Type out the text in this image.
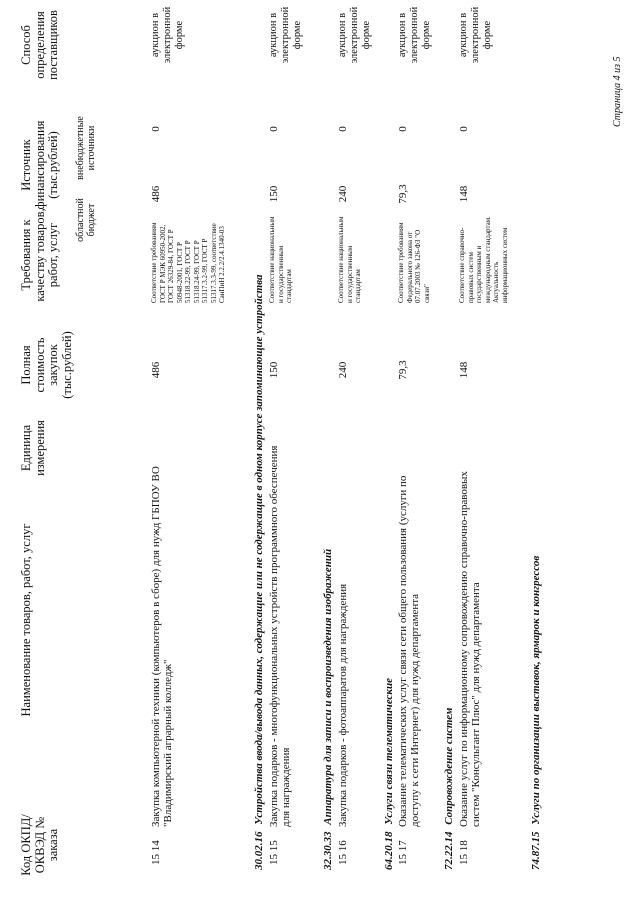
Код ОКПД/ ОКВЭД № заказа
Наименование товаров, работ, услуг
Единица измерения
Полная стоимость закупок (тыс.рублей)
Требования к качеству товаров, работ, услуг
Источник финансирования (тыс.рублей)
областной бюджет
внебюджетные источники
Способ определения поставщиков
15 14
Закупка компьютерной техники (компьютеров в сборе) для нужд ГБПОУ ВО "Владимирский аграрный колледж"
486
Соответствие требованиям ГОСТ Р МЭК 60950-2002, ГОСТ 26329-84, ГОСТ Р 50948-2001, ГОСТ Р 51318.22-99, ГОСТ Р 51318.24-99, ГОСТ Р 51317.3.2-99, ГОСТ Р 51317.3.3-99, соответствие СанПиН 2.2.2/2.4.1340-03
486
0
аукцион в электронной форме
30.02.16 Устройства ввода/вывода данных, содержащие или не содержащие в одном корпусе запоминающие устройства
15 15
Закупка подарков - многофункциональных устройств программного обеспечения для награждения
150
Соответствие национальным и государственным стандартам
150
0
аукцион в электронной форме
32.30.33 Аппаратура для записи и воспроизведения изображений
15 16
Закупка подарков - фотоаппаратов для награждения
240
Соответствие национальным и государственным стандартам
240
0
аукцион в электронной форме
64.20.18 Услуги связи телематические
15 17
Оказание телематических услуг связи сети общего пользования (услуги по доступу к сети Интернет) для нужд департамента
79,3
Соответствие требованиям Федерального закона от 07.07.2003 № 126-ФЗ "О связи"
79,3
0
аукцион в электронной форме
72.22.14 Сопровождение систем
15 18
Оказание услуг по информационному сопровождению справочно-правовых систем "Консультант Плюс" для нужд департамента
148
Соответствие справочно-правовых систем государственным и международным стандартам. Актуальность информационных систем
148
0
аукцион в электронной форме
74.87.15 Услуги по организации выставок, ярмарок и конгрессов
Страница 4 из 5
